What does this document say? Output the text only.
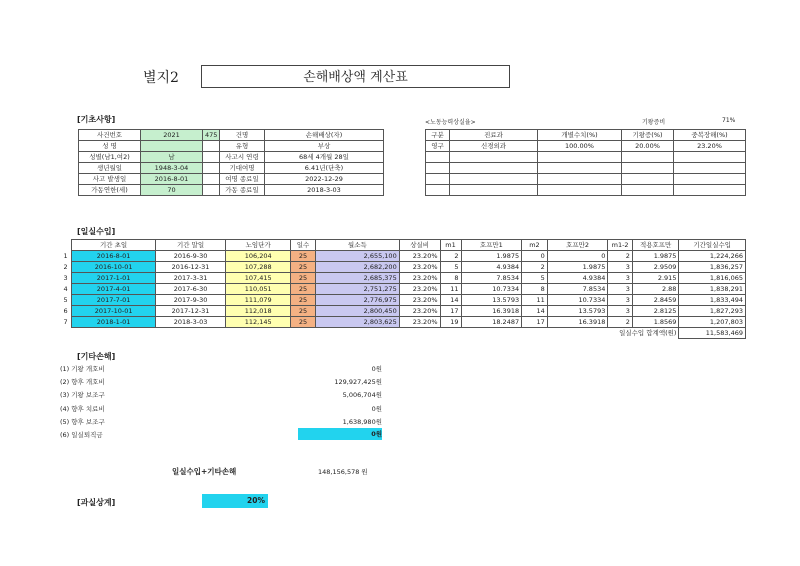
별지2	손해배상액 계산표
[기초사항]
사건번호	2021	475	건명	손해배상(자)
성 명			유형	부상
성별(남1,여2)	남		사고시 연령	68세 4개월 28일
생년월일	1948-3-04		기대여명	6.41년(단축)
사고 발생일	2016-8-01		여명 종료일	2022-12-29
가동연한(세)	70		가동 종료일	2018-3-03
<노동능력상실율>	기왕증비	71%
구분	진료과	개별수치(%)	기왕증(%)	중복장해(%)
영구	신경외과	100.00%	20.00%	23.20%

[일실수입]
	기간 초일	기간 말일	노임단가	일수	월소득	상실비	m1	호프만1	m2	호프만2	m1-2	적용호프만	기간일실수입
1	2016-8-01	2016-9-30	106,204	25	2,655,100	23.20%	2	1.9875	0	0	2	1.9875	1,224,266
2	2016-10-01	2016-12-31	107,288	25	2,682,200	23.20%	5	4.9384	2	1.9875	3	2.9509	1,836,257
3	2017-1-01	2017-3-31	107,415	25	2,685,375	23.20%	8	7.8534	5	4.9384	3	2.915	1,816,065
4	2017-4-01	2017-6-30	110,051	25	2,751,275	23.20%	11	10.7334	8	7.8534	3	2.88	1,838,291
5	2017-7-01	2017-9-30	111,079	25	2,776,975	23.20%	14	13.5793	11	10.7334	3	2.8459	1,833,494
6	2017-10-01	2017-12-31	112,018	25	2,800,450	23.20%	17	16.3918	14	13.5793	3	2.8125	1,827,293
7	2018-1-01	2018-3-03	112,145	25	2,803,625	23.20%	19	18.2487	17	16.3918	2	1.8569	1,207,803
일실수입 합계액(원)													11,583,469
[기타손해]
(1) 기왕 개호비	0원
(2) 향후 개호비	129,927,425원
(3) 기왕 보조구	5,006,704원
(4) 향후 치료비	0원
(5) 향후 보조구	1,638,980원
(6) 일실퇴직금	0원
일실수입+기타손해	148,156,578 원
[과실상계]	20%
